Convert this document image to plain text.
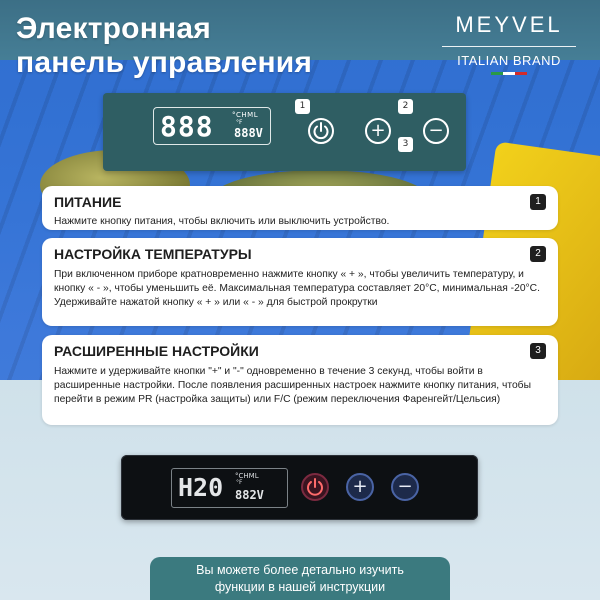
Электронная
панель управления
MEYVEL
ITALIAN BRAND
888	°CHML
°F
888V
1	2
+
3
−
ПИТАНИЕ	1
Нажмите кнопку питания, чтобы включить или выключить устройство.
НАСТРОЙКА ТЕМПЕРАТУРЫ	2
При включенном приборе кратновременно нажмите кнопку « + », чтобы увеличить температуру, и кнопку « - », чтобы уменьшить её. Максимальная температура составляет 20°C, минимальная -20°C.
Удерживайте нажатой кнопку « + » или « - » для быстрой прокрутки
РАСШИРЕННЫЕ НАСТРОЙКИ	3
Нажмите и удерживайте кнопки "+" и "-" одновременно в течение 3 секунд, чтобы войти в расширенные настройки. После появления расширенных настроек нажмите кнопку питания, чтобы перейти в режим PR (настройка защиты) или F/C (режим переключения Фаренгейт/Цельсия)
H20 °CHML
°F
882V	+	−
Вы можете более детально изучить
функции в нашей инструкции
